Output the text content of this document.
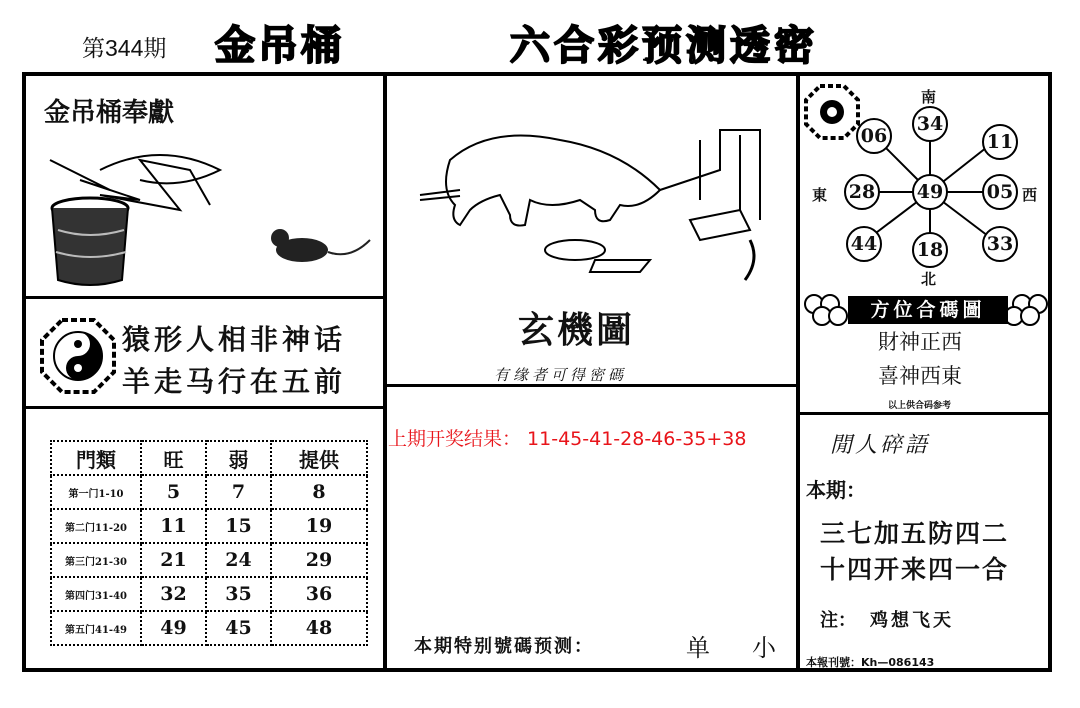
第344期 金吊桶	六合彩预测透密
金吊桶奉獻
猿形人相非神话
羊走马行在五前
門類	旺	弱	提供
第一门1-10	5	7	8
第二门11-20	11	15	19
第三门21-30	21	24	29
第四门31-40	32	35	36
第五门41-49	49	45	48
玄機圖
有缘者可得密碼
上期开奖结果： 11-45-41-28-46-35+38
本期特别號碼预测：	单 小
南
北
東	西
34
06	11
28 49 05
44 18 33
方位合碼圖
財神正西
喜神西東
以上供合码参考
閒人碎語
本期：
三七加五防四二
十四开来四一合
注： 鸡想飞天
本報刊號：Kh—086143
